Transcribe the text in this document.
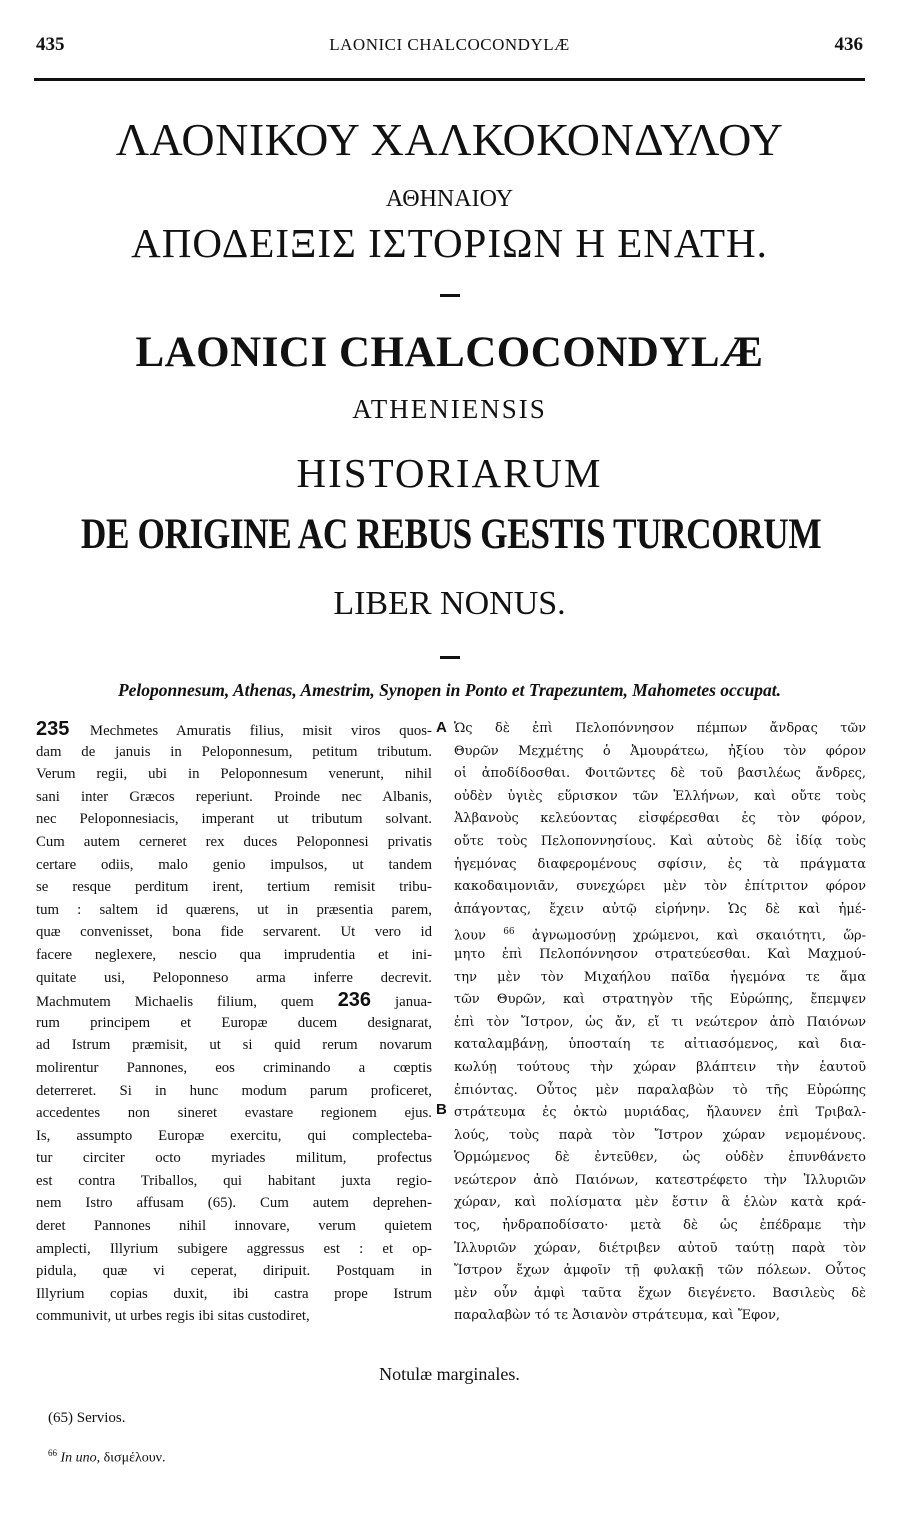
435	LAONICI CHALCOCONDYLÆ	436
ΛΑΟΝΙΚΟΥ ΧΑΛΚΟΚΟΝΔΥΛΟΥ
ΑΘΗΝΑΙΟΥ
ΑΠΟΔΕΙΞΙΣ ΙΣΤΟΡΙΩΝ Η ΕΝΑΤΗ.
LAONICI CHALCOCONDYLÆ
ATHENIENSIS
HISTORIARUM
DE ORIGINE AC REBUS GESTIS TURCORUM
LIBER NONUS.
Peloponnesum, Athenas, Amestrim, Synopen in Ponto et Trapezuntem, Mahometes occupat.
235 Mechmetes Amuratis filius, misit viros quos-
dam de januis in Peloponnesum, petitum tributum.
Verum regii, ubi in Peloponnesum venerunt, nihil
sani inter Græcos reperiunt. Proinde nec Albanis,
nec Peloponnesiacis, imperant ut tributum solvant.
Cum autem cerneret rex duces Peloponnesi privatis
certare odiis, malo genio impulsos, ut tandem
se resque perditum irent, tertium remisit tribu-
tum : saltem id quærens, ut in præsentia parem,
quæ convenisset, bona fide servarent. Ut vero id
facere neglexere, nescio qua imprudentia et ini-
quitate usi, Peloponneso arma inferre decrevit.
Machmutem Michaelis filium, quem 236 janua-
rum principem et Europæ ducem designarat,
ad Istrum præmisit, ut si quid rerum novarum
molirentur Pannones, eos criminando a cœptis
deterreret. Si in hunc modum parum proficeret,
accedentes non sineret evastare regionem ejus.
Is, assumpto Europæ exercitu, qui complecteba-
tur circiter octo myriades militum, profectus
est contra Triballos, qui habitant juxta regio-
nem Istro affusam (65). Cum autem deprehen-
deret Pannones nihil innovare, verum quietem
amplecti, Illyrium subigere aggressus est : et op-
pidula, quæ vi ceperat, diripuit. Postquam in
Illyrium copias duxit, ibi castra prope Istrum
communivit, ut urbes regis ibi sitas custodiret,
A
B
Ὡς δὲ ἐπὶ Πελοπόννησον πέμπων ἄνδρας τῶν
Θυρῶν Μεχμέτης ὁ Ἀμουράτεω, ἠξίου τὸν φόρον
οἱ ἀποδίδοσθαι. Φοιτῶντες δὲ τοῦ βασιλέως ἄνδρες,
οὐδὲν ὑγιὲς εὕρισκον τῶν Ἑλλήνων, καὶ οὔτε τοὺς
Ἀλβανοὺς κελεύοντας εἰσφέρεσθαι ἐς τὸν φόρον,
οὔτε τοὺς Πελοποννησίους. Καὶ αὐτοὺς δὲ ἰδίᾳ τοὺς
ἡγεμόνας διαφερομένους σφίσιν, ἐς τὰ πράγματα
κακοδαιμονιᾶν, συνεχώρει μὲν τὸν ἐπίτριτον φόρον
ἀπάγοντας, ἔχειν αὐτῷ εἰρήνην. Ὡς δὲ καὶ ἠμέ-
λουν $^{66}$ ἀγνωμοσύνῃ χρώμενοι, καὶ σκαιότητι, ὥρ-
μητο ἐπὶ Πελοπόννησον στρατεύεσθαι. Καὶ Μαχμού-
την μὲν τὸν Μιχαήλου παῖδα ἡγεμόνα τε ἅμα
τῶν Θυρῶν, καὶ στρατηγὸν τῆς Εὐρώπης, ἔπεμψεν
ἐπὶ τὸν Ἴστρον, ὡς ἄν, εἴ τι νεώτερον ἀπὸ Παιόνων
καταλαμβάνῃ, ὑποσταίη τε αἰτιασόμενος, καὶ δια-
κωλύῃ τούτους τὴν χώραν βλάπτειν τὴν ἑαυτοῦ
ἐπιόντας. Οὗτος μὲν παραλαβὼν τὸ τῆς Εὐρώπης
στράτευμα ἐς ὀκτὼ μυριάδας, ἤλαυνεν ἐπὶ Τριβαλ-
λούς, τοὺς παρὰ τὸν Ἴστρον χώραν νεμομένους.
Ὁρμώμενος δὲ ἐντεῦθεν, ὡς οὐδὲν ἐπυνθάνετο
νεώτερον ἀπὸ Παιόνων, κατεστρέφετο τὴν Ἰλλυριῶν
χώραν, καὶ πολίσματα μὲν ἔστιν ἃ ἑλὼν κατὰ κρά-
τος, ἠνδραποδίσατο· μετὰ δὲ ὡς ἐπέδραμε τὴν
Ἰλλυριῶν χώραν, διέτριβεν αὐτοῦ ταύτῃ παρὰ τὸν
Ἴστρον ἔχων ἀμφοῖν τῇ φυλακῇ τῶν πόλεων. Οὗτος
μὲν οὖν ἀμφὶ ταῦτα ἔχων διεγένετο. Βασιλεὺς δὲ
παραλαβὼν τό τε Ἀσιανὸν στράτευμα, καὶ Ἔφον,
Notulæ marginales.
(65) Servios.
$^{66}$ In uno, δισμέλουν.
